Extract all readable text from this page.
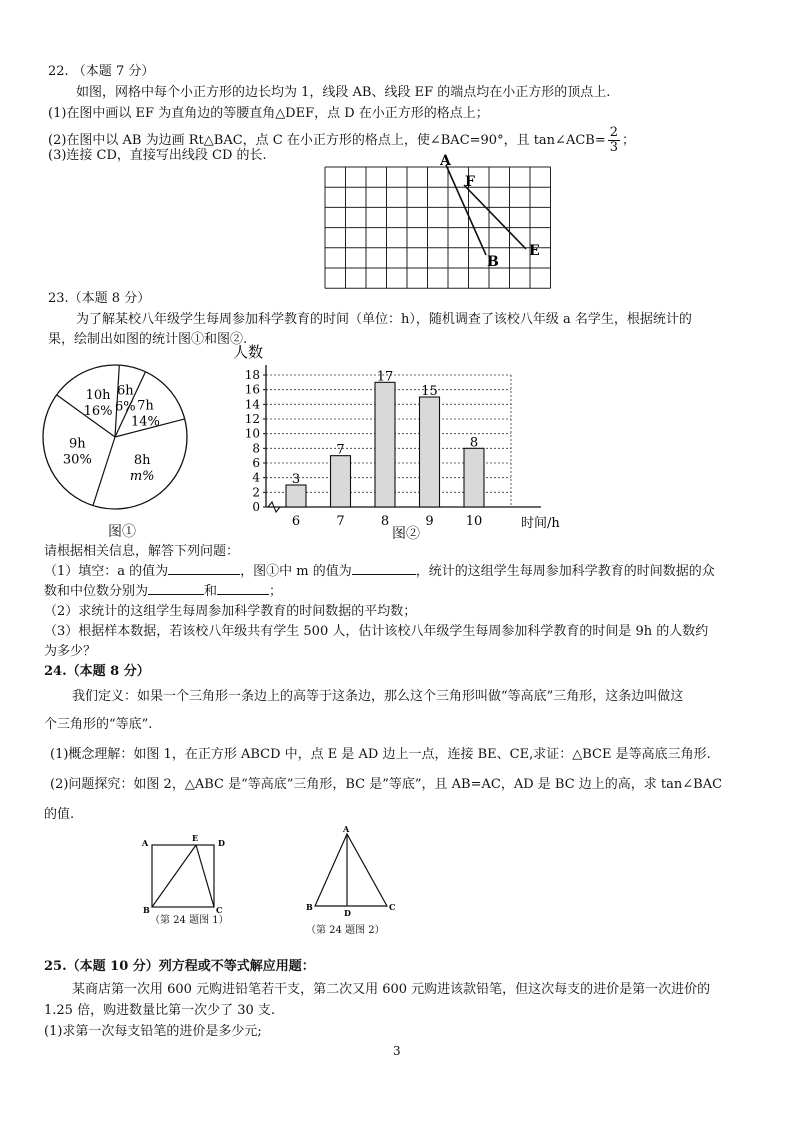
22. （本题 7 分）
如图，网格中每个小正方形的边长均为 1，线段 AB、线段 EF 的端点均在小正方形的顶点上.
(1)在图中画以 EF 为直角边的等腰直角△DEF，点 D 在小正方形的格点上；
(2)在图中以 AB 为边画 Rt△BAC，点 C 在小正方形的格点上，使∠BAC=90°，且 tan∠ACB= $\frac{2}{3}$ ；
(3)连接 CD，直接写出线段 CD 的长.	A
F
B
E
23.（本题 8 分）
为了解某校八年级学生每周参加科学教育的时间（单位：h），随机调查了该校八年级 a 名学生，根据统计的
果，绘制出如图的统计图①和图②.
6h
6% 7h
14%
8h
m%
9h
30%
10h
16%
图①
人数
时间/h
0
2
4
6
8
10
12
14
16
18
3
6
7
7
17
8
15
9
8
10
图②
请根据相关信息，解答下列问题：
（1）填空：a 的值为	，图①中 m 的值为	，统计的这组学生每周参加科学教育的时间数据的众
数和中位数分别为	和	；
（2）求统计的这组学生每周参加科学教育的时间数据的平均数；
（3）根据样本数据，若该校八年级共有学生 500 人，估计该校八年级学生每周参加科学教育的时间是 9h 的人数约
为多少？
24.（本题 8 分）
我们定义：如果一个三角形一条边上的高等于这条边，那么这个三角形叫做“等高底”三角形，这条边叫做这
个三角形的“等底”.
(1)概念理解：如图 1，在正方形 ABCD 中，点 E 是 AD 边上一点，连接 BE、CE,求证：△BCE 是等高底三角形.
(2)问题探究：如图 2，△ABC 是“等高底”三角形，BC 是”等底”，且 AB=AC，AD 是 BC 边上的高，求 tan∠BAC
的值.
A	E D
B	C
（第 24 题图 1）
A
B
D
C
（第 24 题图 2）
25.（本题 10 分）列方程或不等式解应用题：
某商店第一次用 600 元购进铅笔若干支，第二次又用 600 元购进该款铅笔，但这次每支的进价是第一次进价的
1.25 倍，购进数量比第一次少了 30 支.
(1)求第一次每支铅笔的进价是多少元;
3
